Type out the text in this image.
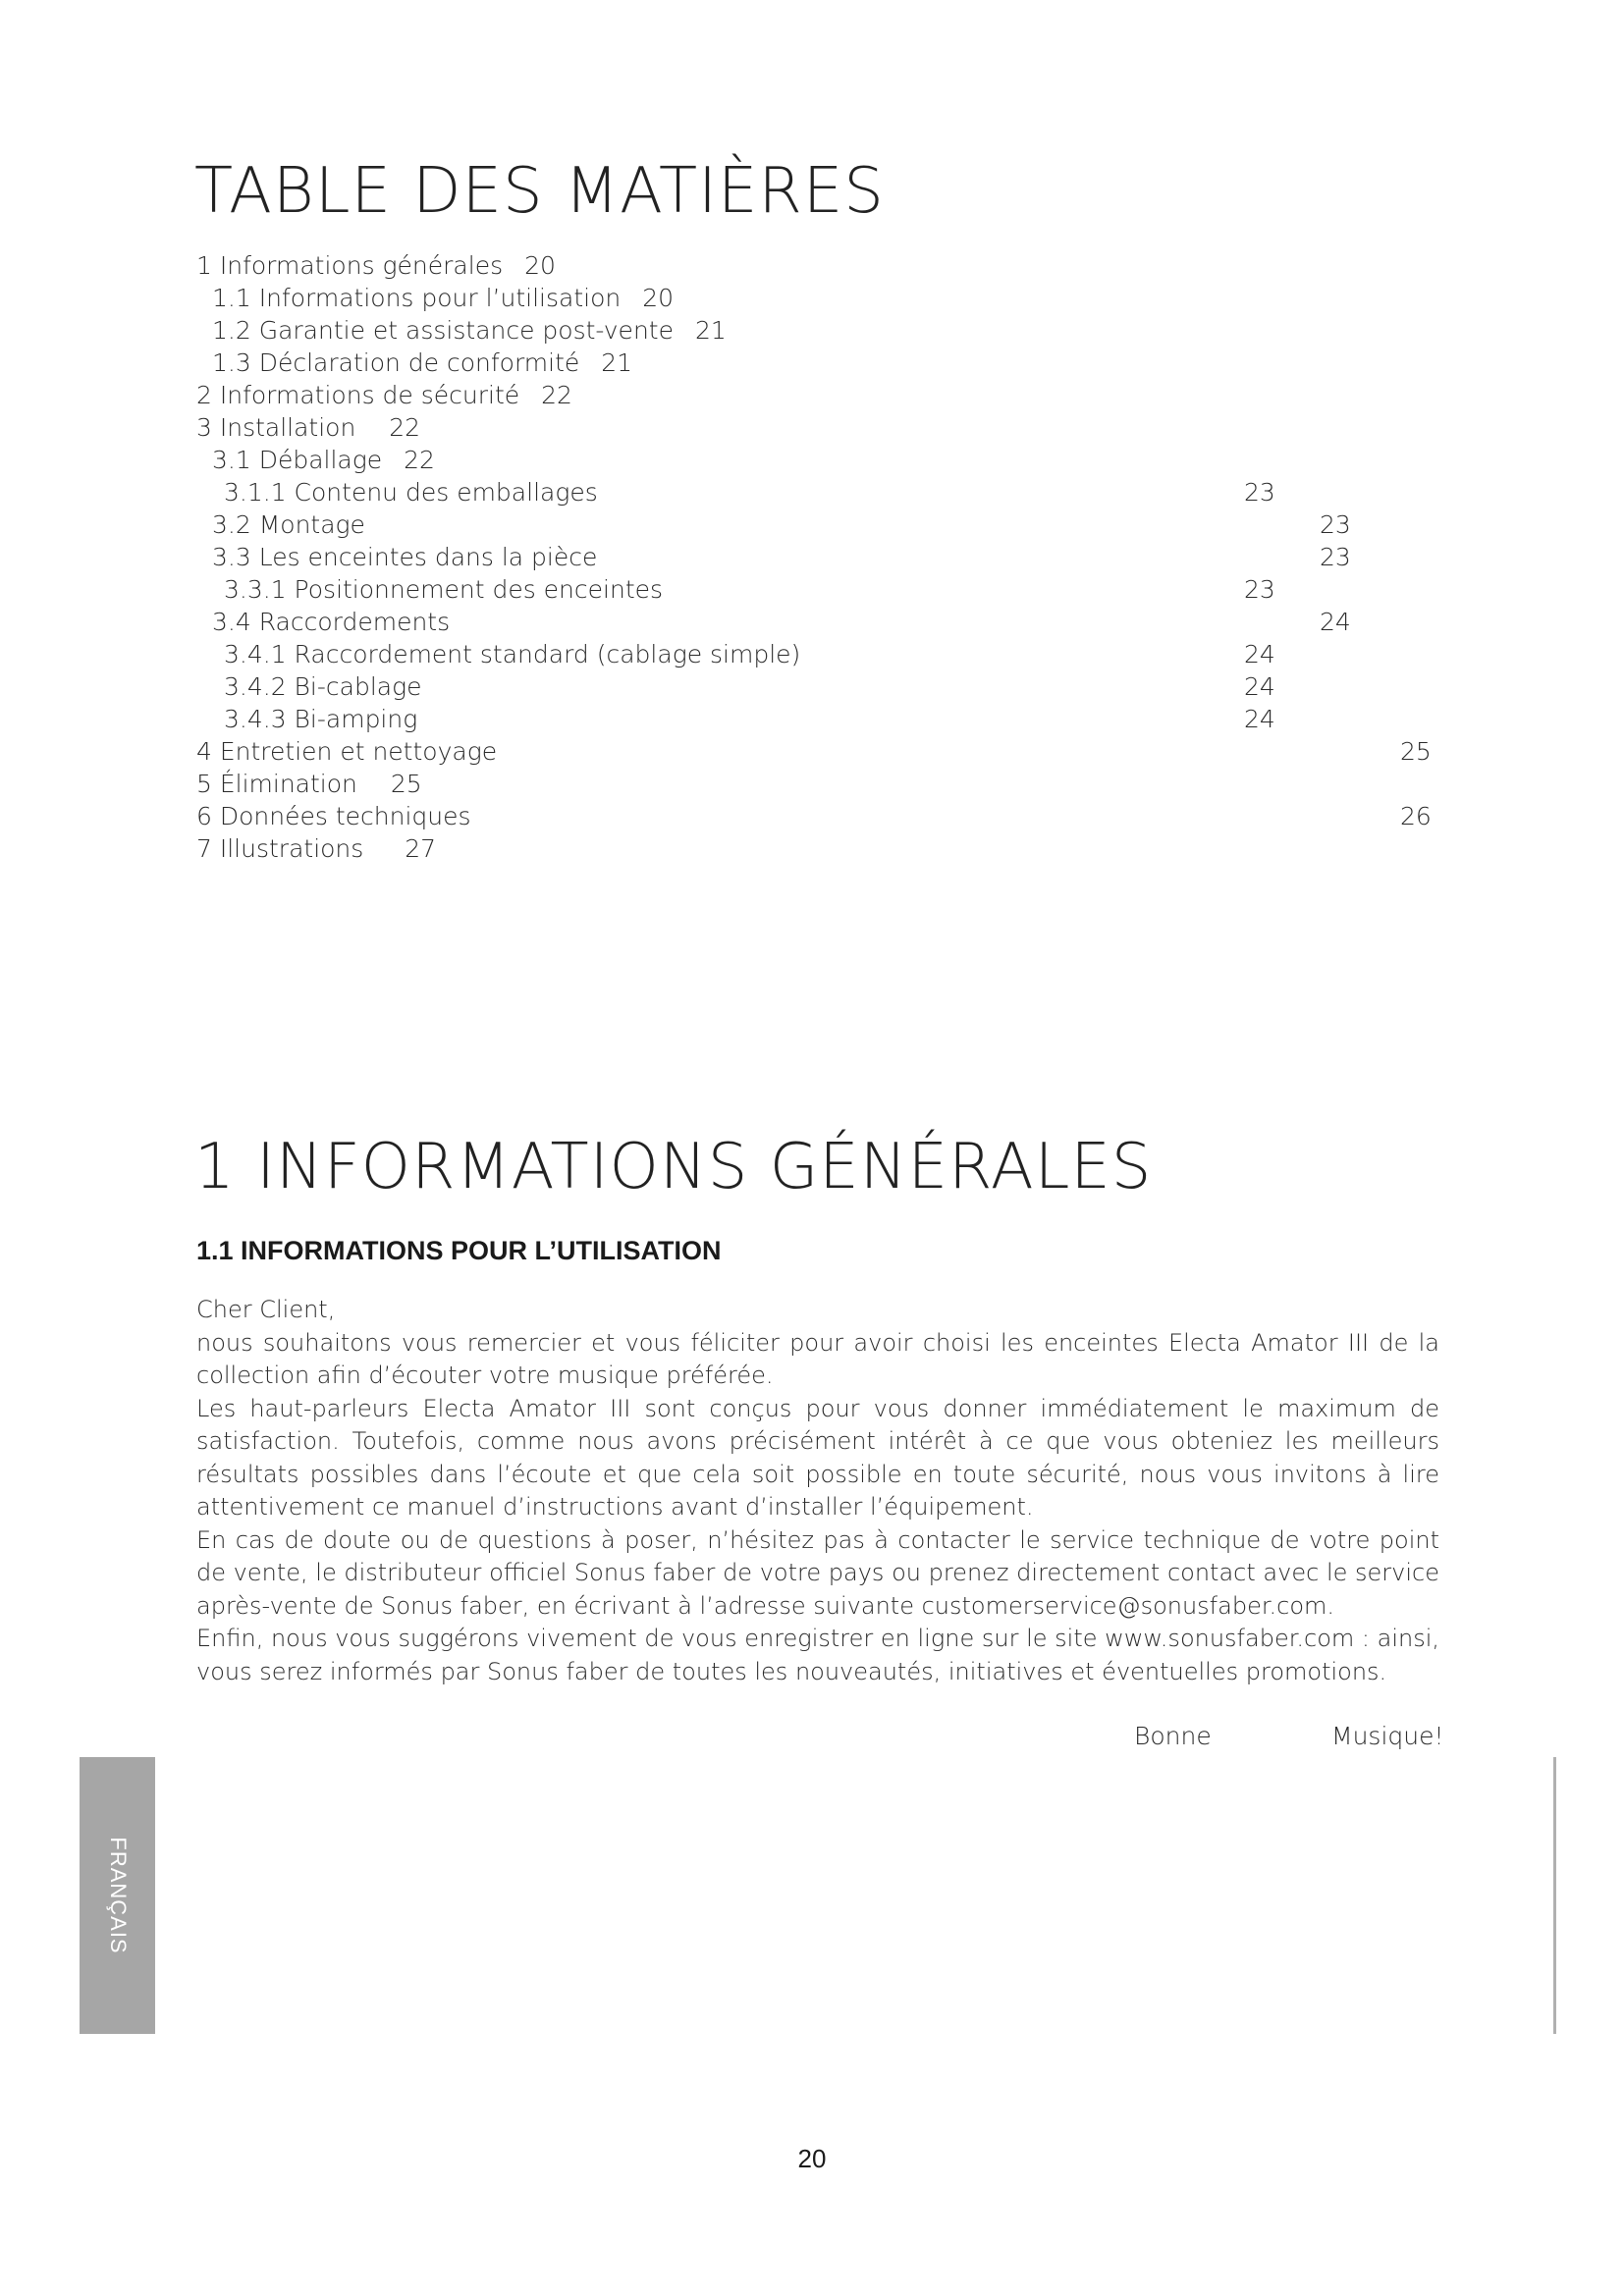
TABLE DES MATIÈRES
1 Informations générales 20
1.1 Informations pour l’utilisation 20
1.2 Garantie et assistance post-vente 21
1.3 Déclaration de conformité 21
2 Informations de sécurité 22
3 Installation 22
3.1 Déballage 22
3.1.1 Contenu des emballages	23
3.2 Montage	23
3.3 Les enceintes dans la pièce	23
3.3.1 Positionnement des enceintes	23
3.4 Raccordements	24
3.4.1 Raccordement standard (cablage simple)	24
3.4.2 Bi-cablage	24
3.4.3 Bi-amping	24
4 Entretien et nettoyage	25
5 Élimination 25
6 Données techniques	26
7 Illustrations 27
1 INFORMATIONS GÉNÉRALES
1.1 INFORMATIONS POUR L’UTILISATION

Cher Client,

nous souhaitons vous remercier et vous féliciter pour avoir choisi les enceintes Electa Amator III de la collection afin d’écouter votre musique préférée.

Les haut-parleurs Electa Amator III sont conçus pour vous donner immédiatement le maximum de satisfaction. Toutefois, comme nous avons précisément intérêt à ce que vous obteniez les meilleurs résultats possibles dans l’écoute et que cela soit possible en toute sécurité, nous vous invitons à lire attentivement ce manuel d’instructions avant d’installer l’équipement.

En cas de doute ou de questions à poser, n’hésitez pas à contacter le service technique de votre point de vente, le distributeur officiel Sonus faber de votre pays ou prenez directement contact avec le service après-vente de Sonus faber, en écrivant à l’adresse suivante customerservice@sonusfaber.com.

Enfin, nous vous suggérons vivement de vous enregistrer en ligne sur le site www.sonusfaber.com : ainsi, vous serez informés par Sonus faber de toutes les nouveautés, initiatives et éventuelles promotions.

Bonne	Musique!
FRANÇAIS
20
